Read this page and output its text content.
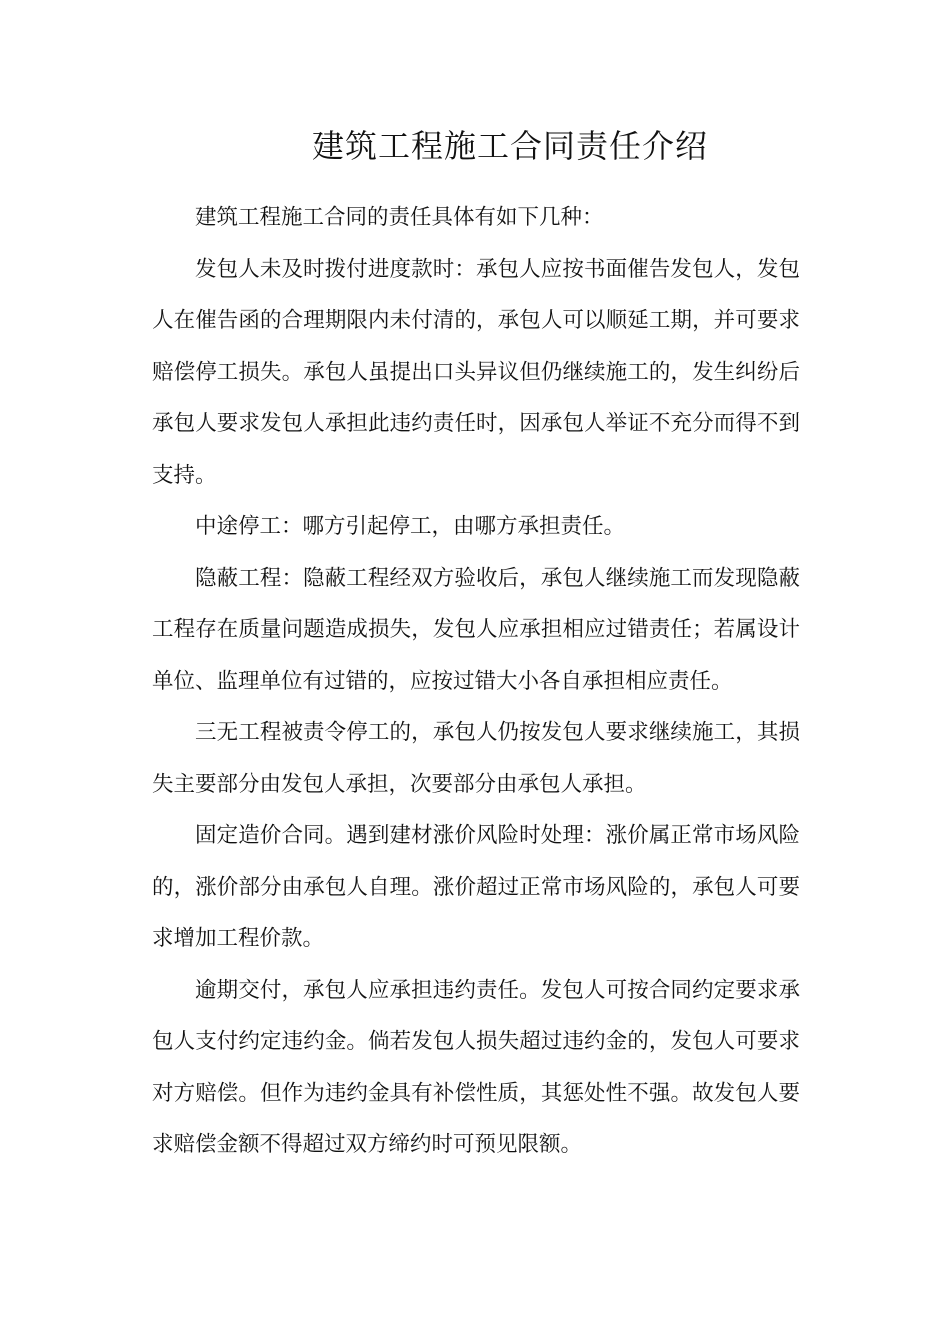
建筑工程施工合同责任介绍

建筑工程施工合同的责任具体有如下几种：

发包人未及时拨付进度款时：承包人应按书面催告发包人，发包人在催告函的合理期限内未付清的，承包人可以顺延工期，并可要求赔偿停工损失。承包人虽提出口头异议但仍继续施工的，发生纠纷后承包人要求发包人承担此违约责任时，因承包人举证不充分而得不到支持。

中途停工：哪方引起停工，由哪方承担责任。

隐蔽工程：隐蔽工程经双方验收后，承包人继续施工而发现隐蔽工程存在质量问题造成损失，发包人应承担相应过错责任；若属设计单位、监理单位有过错的，应按过错大小各自承担相应责任。

三无工程被责令停工的，承包人仍按发包人要求继续施工，其损失主要部分由发包人承担，次要部分由承包人承担。

固定造价合同。遇到建材涨价风险时处理：涨价属正常市场风险的，涨价部分由承包人自理。涨价超过正常市场风险的，承包人可要求增加工程价款。

逾期交付，承包人应承担违约责任。发包人可按合同约定要求承包人支付约定违约金。倘若发包人损失超过违约金的，发包人可要求对方赔偿。但作为违约金具有补偿性质，其惩处性不强。故发包人要求赔偿金额不得超过双方缔约时可预见限额。
